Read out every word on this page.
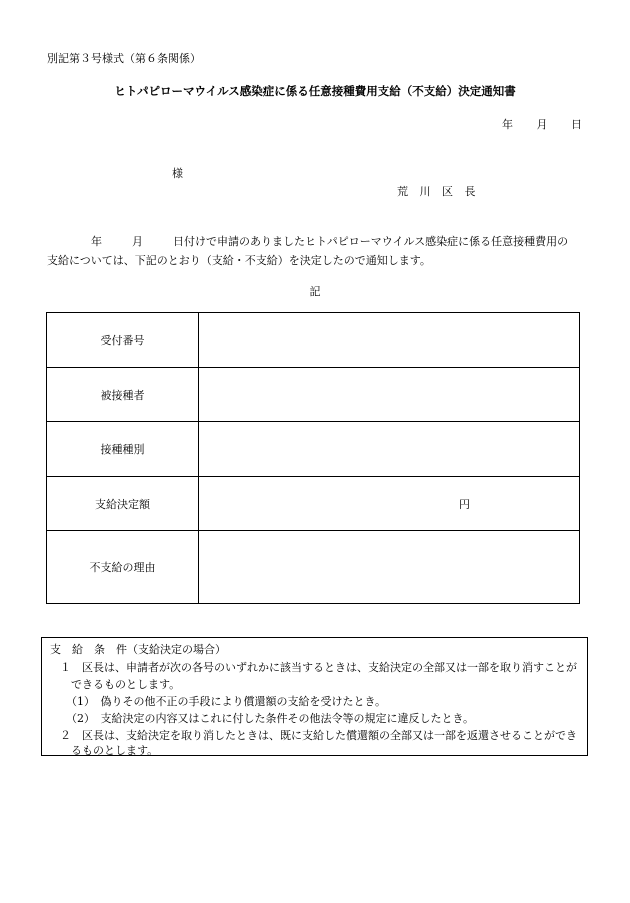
別記第３号様式（第６条関係）
ヒトパピローマウイルス感染症に係る任意接種費用支給（不支給）決定通知書
年 月 日
様
荒 川 区 長
年	月	日付けで申請のありましたヒトパピローマウイルス感染症に係る任意接種費用の
支給については、下記のとおり（支給・不支給）を決定したので通知します。
記
受付番号	
被接種者	
接種種別	
支給決定額	円

不支給の理由	
支　給　条　件（支給決定の場合）
１　区長は、申請者が次の各号のいずれかに該当するときは、支給決定の全部又は一部を取り消すことが
できるものとします。
（1）　偽りその他不正の手段により償還額の支給を受けたとき。
（2）　支給決定の内容又はこれに付した条件その他法令等の規定に違反したとき。
２　区長は、支給決定を取り消したときは、既に支給した償還額の全部又は一部を返還させることができ
るものとします。
